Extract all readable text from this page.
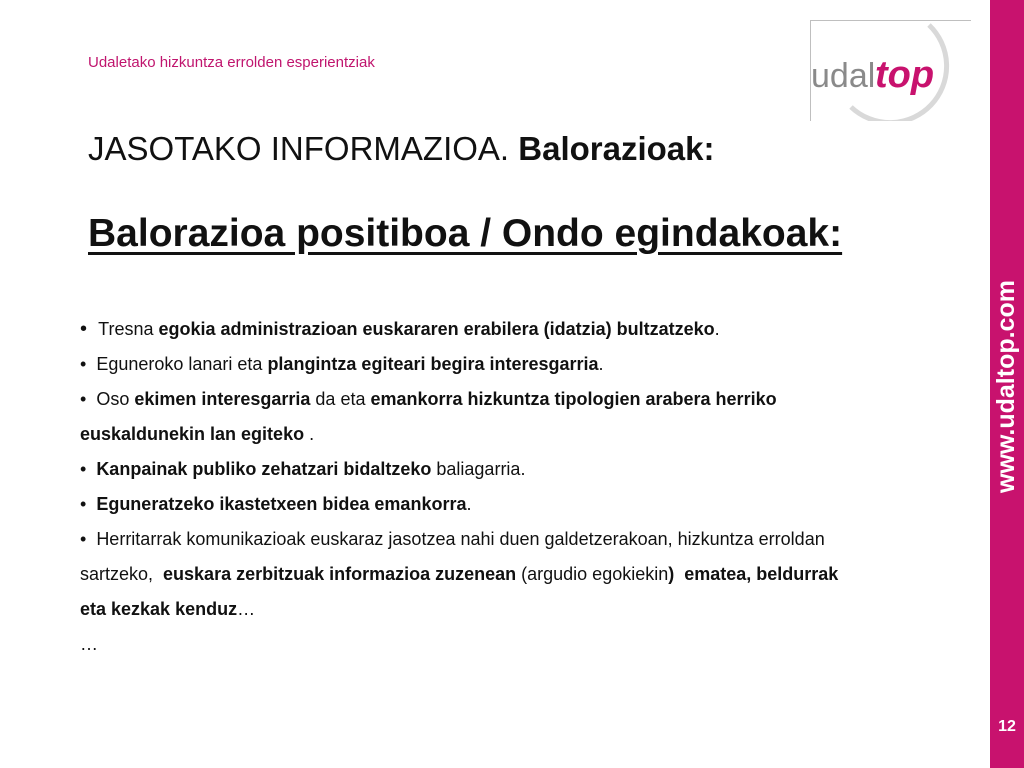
Udaletako hizkuntza errolden esperientziak	udal top
www.udaltop.com
12
JASOTAKO INFORMAZIOA. Balorazioak:
Balorazioa positiboa / Ondo egindakoak:
•  Tresna egokia administrazioan euskararen erabilera (idatzia) bultzatzeko.
•  Eguneroko lanari eta plangintza egiteari begira interesgarria.
•  Oso ekimen interesgarria da eta emankorra hizkuntza tipologien arabera herriko
euskaldunekin lan egiteko .
•  Kanpainak publiko zehatzari bidaltzeko baliagarria.
•  Eguneratzeko ikastetxeen bidea emankorra.
•  Herritarrak komunikazioak euskaraz jasotzea nahi duen galdetzerakoan, hizkuntza erroldan
sartzeko,  euskara zerbitzuak informazioa zuzenean (argudio egokiekin)  ematea, beldurrak
eta kezkak kenduz…
…
